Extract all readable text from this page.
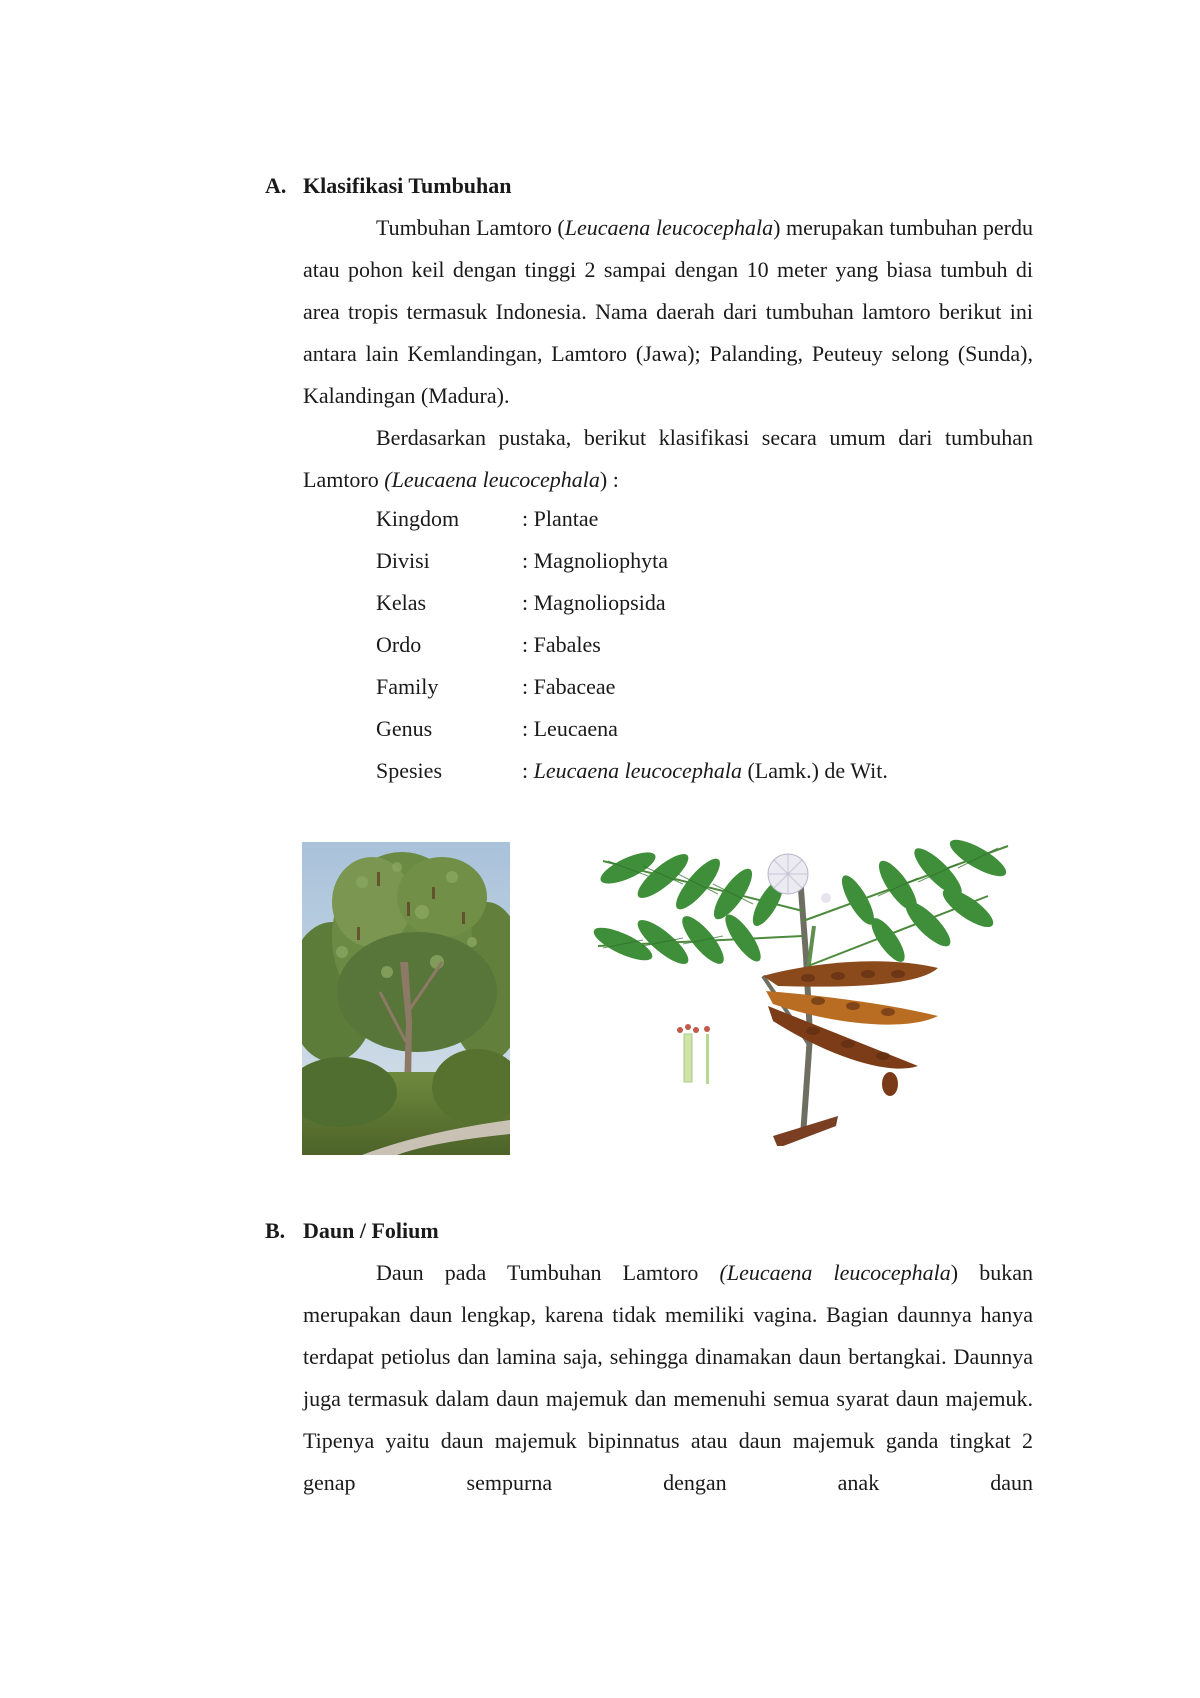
A. Klasifikasi Tumbuhan

Tumbuhan Lamtoro (Leucaena leucocephala) merupakan tumbuhan perdu atau pohon keil dengan tinggi 2 sampai dengan 10 meter yang biasa tumbuh di area tropis termasuk Indonesia. Nama daerah dari tumbuhan lamtoro berikut ini antara lain Kemlandingan, Lamtoro (Jawa); Palanding, Peuteuy selong (Sunda), Kalandingan (Madura).

Berdasarkan pustaka, berikut klasifikasi secara umum dari tumbuhan Lamtoro (Leucaena leucocephala) :

Kingdom	: Plantae
Divisi	: Magnoliophyta
Kelas	: Magnoliopsida
Ordo	: Fabales
Family	: Fabaceae
Genus	: Leucaena
Spesies	: Leucaena leucocephala (Lamk.) de Wit.
B. Daun / Folium

Daun pada Tumbuhan Lamtoro (Leucaena leucocephala) bukan merupakan daun lengkap, karena tidak memiliki vagina. Bagian daunnya hanya terdapat petiolus dan lamina saja, sehingga dinamakan daun bertangkai. Daunnya juga termasuk dalam daun majemuk dan memenuhi semua syarat daun majemuk. Tipenya yaitu daun majemuk bipinnatus atau daun majemuk ganda tingkat 2 genap sempurna dengan anak daun
